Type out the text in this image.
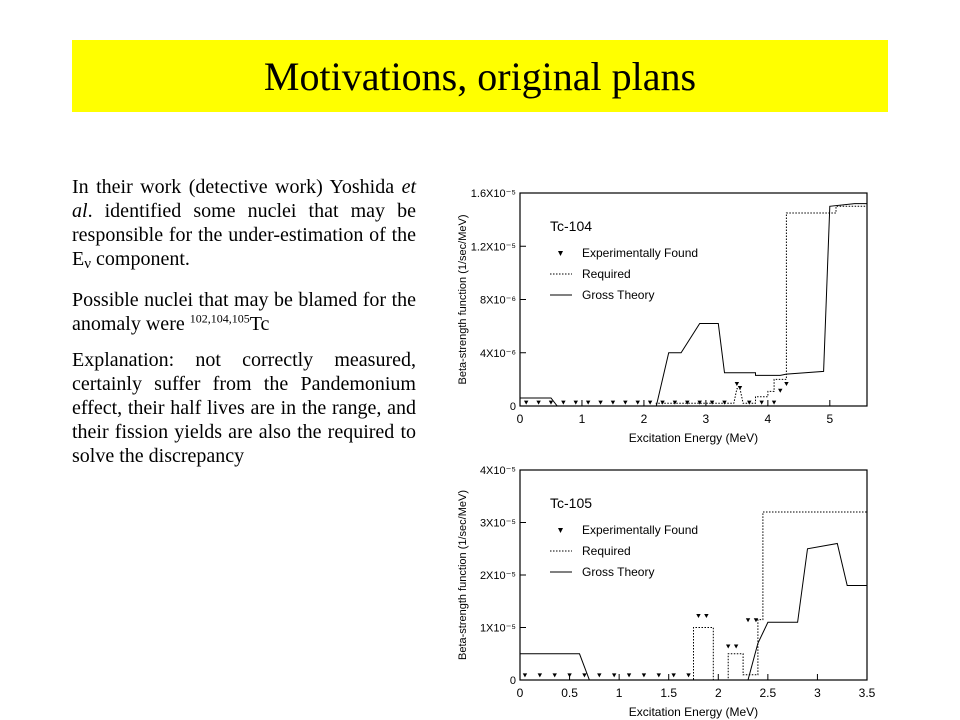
Motivations, original plans

In their work (detective work) Yoshida et al. identified some nuclei that may be responsible for the under-estimation of the Eν component.

Possible nuclei that may be blamed for the anomaly were $^{102,104,105}$Tc

Explanation: not correctly measured, certainly suffer from the Pandemonium effect, their half lives are in the range, and their fission yields are also the required to solve the discrepancy

Beta-strength function (1/sec/MeV)
Excitation Energy (MeV)
0	1	2	3	4	5
0
4X10⁻⁶
8X10⁻⁶
1.2X10⁻⁵
1.6X10⁻⁵
Tc-104
Experimentally Found
Required
Gross Theory
Beta-strength function (1/sec/MeV)
Excitation Energy (MeV)
0	0.5	1	1.5	2	2.5	3	3.5
0
1X10⁻⁵
2X10⁻⁵
3X10⁻⁵
4X10⁻⁵
Tc-105
Experimentally Found
Required
Gross Theory
